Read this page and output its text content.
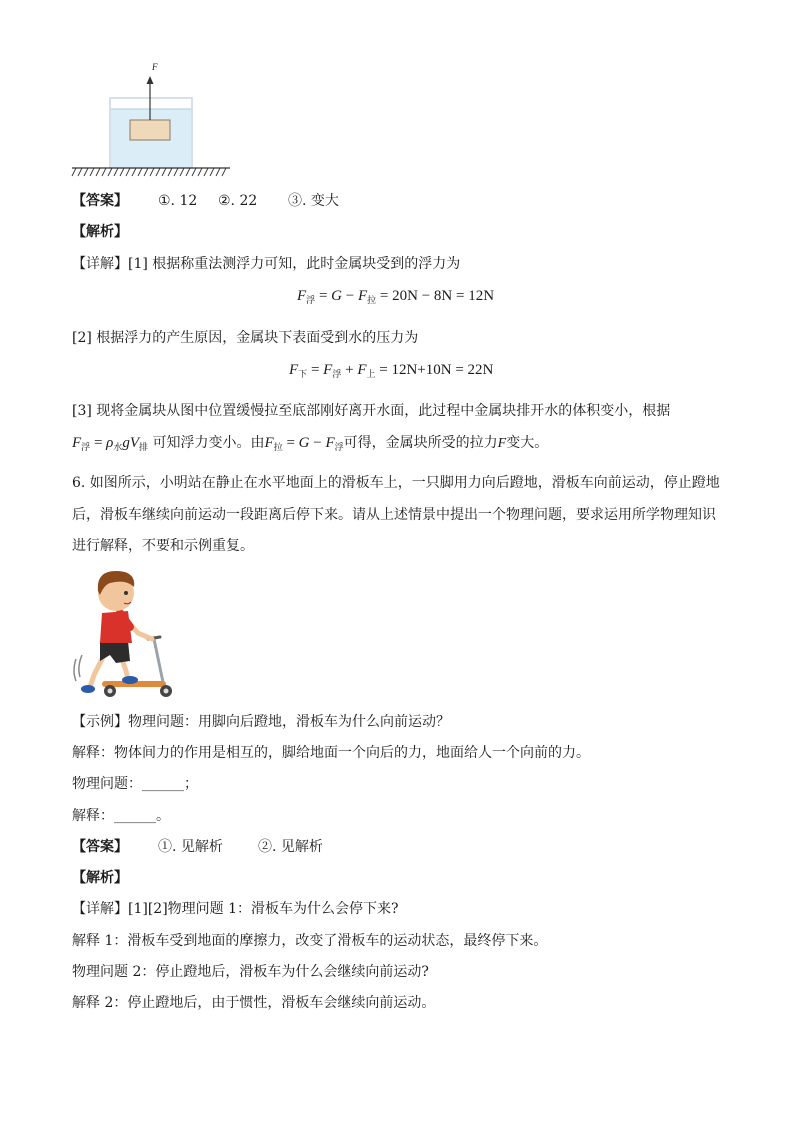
F
【答案】 ①. 12 ②. 22 ③. 变大
【解析】
【详解】[1] 根据称重法测浮力可知，此时金属块受到的浮力为
$F_浮 = G - F_拉 = 20N - 8N = 12N$
[2] 根据浮力的产生原因，金属块下表面受到水的压力为
$F_下 = F_浮 + F_上 = 12N+10N = 22N$
[3] 现将金属块从图中位置缓慢拉至底部刚好离开水面，此过程中金属块排开水的体积变小，根据
$F_浮 = \rho_水gV_排$ 可知浮力变小。由$F_拉 = G - F_浮$可得，金属块所受的拉力F变大。
6. 如图所示，小明站在静止在水平地面上的滑板车上，一只脚用力向后蹬地，滑板车向前运动，停止蹬地
后，滑板车继续向前运动一段距离后停下来。请从上述情景中提出一个物理问题，要求运用所学物理知识
进行解释，不要和示例重复。
【示例】物理问题：用脚向后蹬地，滑板车为什么向前运动？
解释：物体间力的作用是相互的，脚给地面一个向后的力，地面给人一个向前的力。
物理问题：______；
解释：______。
【答案】 ①. 见解析	②. 见解析
【解析】
【详解】[1][2]物理问题 1：滑板车为什么会停下来?
解释 1：滑板车受到地面的摩擦力，改变了滑板车的运动状态，最终停下来。
物理问题 2：停止蹬地后，滑板车为什么会继续向前运动?
解释 2：停止蹬地后，由于惯性，滑板车会继续向前运动。
